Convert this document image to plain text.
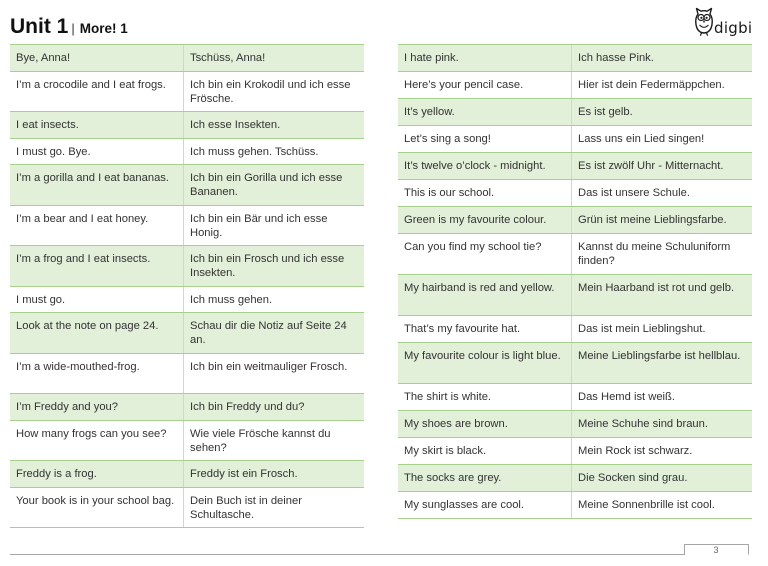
Unit 1 | More! 1	digbi
Bye, Anna!	Tschüss, Anna!
I’m a crocodile and I eat frogs.	Ich bin ein Krokodil und ich esse Frösche.
I eat insects.	Ich esse Insekten.
I must go. Bye.	Ich muss gehen. Tschüss.
I’m a gorilla and I eat bananas.	Ich bin ein Gorilla und ich esse Bananen.
I’m a bear and I eat honey.	Ich bin ein Bär und ich esse Honig.
I’m a frog and I eat insects.	Ich bin ein Frosch und ich esse Insekten.
I must go.	Ich muss gehen.
Look at the note on page 24.	Schau dir die Notiz auf Seite 24 an.
I’m a wide-mouthed-frog.	Ich bin ein weitmauliger Frosch.
I’m Freddy and you?	Ich bin Freddy und du?
How many frogs can you see?	Wie viele Frösche kannst du sehen?
Freddy is a frog.	Freddy ist ein Frosch.
Your book is in your school bag.	Dein Buch ist in deiner Schultasche.
I hate pink.	Ich hasse Pink.
Here’s your pencil case.	Hier ist dein Federmäppchen.
It’s yellow.	Es ist gelb.
Let’s sing a song!	Lass uns ein Lied singen!
It’s twelve o’clock - midnight.	Es ist zwölf Uhr - Mitternacht.
This is our school.	Das ist unsere Schule.
Green is my favourite colour.	Grün ist meine Lieblingsfarbe.
Can you find my school tie?	Kannst du meine Schuluniform finden?
My hairband is red and yellow.	Mein Haarband ist rot und gelb.
That’s my favourite hat.	Das ist mein Lieblingshut.
My favourite colour is light blue.	Meine Lieblingsfarbe ist hellblau.
The shirt is white.	Das Hemd ist weiß.
My shoes are brown.	Meine Schuhe sind braun.
My skirt is black.	Mein Rock ist schwarz.
The socks are grey.	Die Socken sind grau.
My sunglasses are cool.	Meine Sonnenbrille ist cool.
3
